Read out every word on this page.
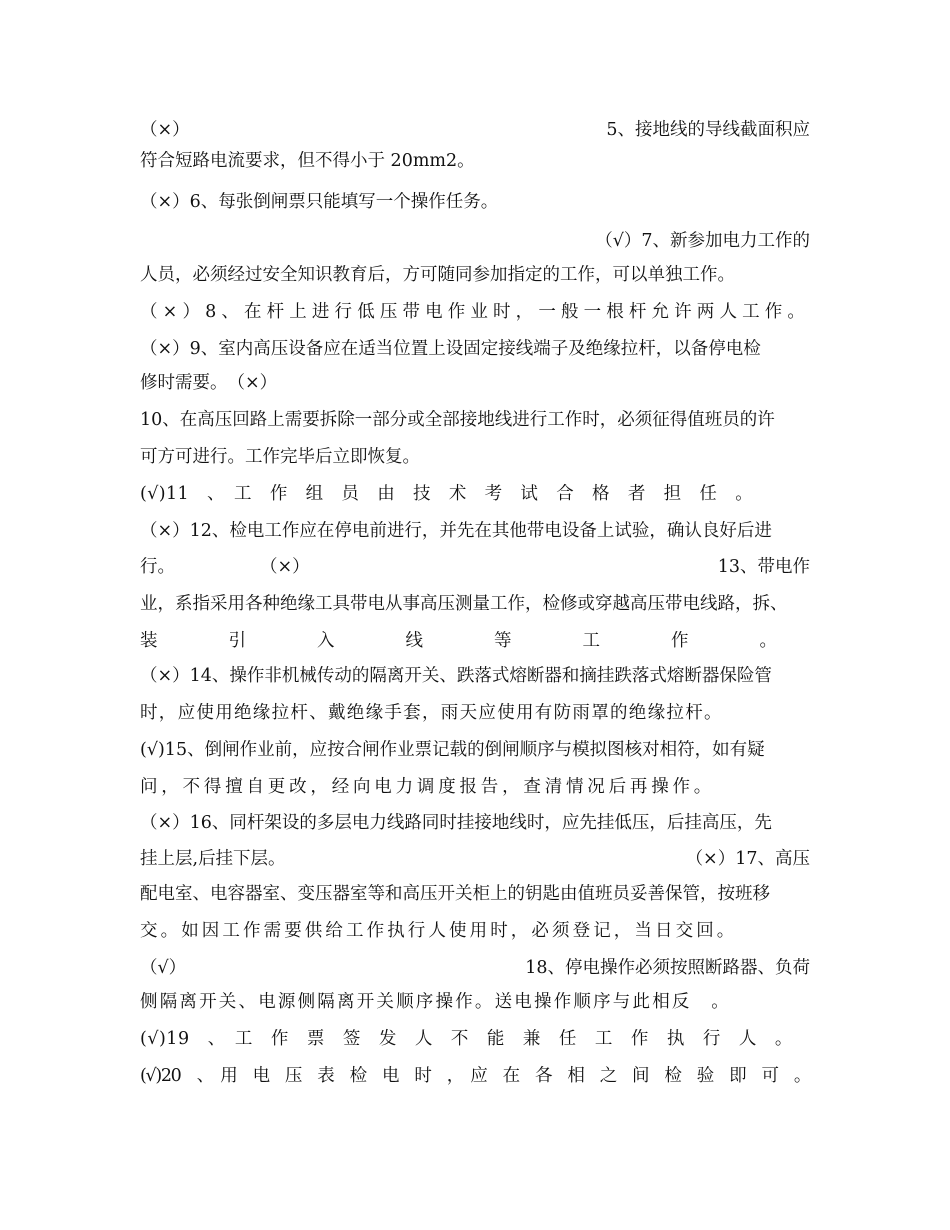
（×）	5、接地线的导线截面积应
符合短路电流要求，但不得小于 20mm2。
（×）6、每张倒闸票只能填写一个操作任务。
（√）7、新参加电力工作的
人员，必须经过安全知识教育后，方可随同参加指定的工作，可以单独工作。
（×）8、在杆上进行低压带电作业时，一般一根杆允许两人工作。
（×）9、室内高压设备应在适当位置上设固定接线端子及绝缘拉杆，以备停电检
修时需要。　（×）
10、在高压回路上需要拆除一部分或全部接地线进行工作时，必须征得值班员的许
可方可进行。工作完毕后立即恢复。
(√)11　、　工　作　组　员　由　技　术　考　试　合　格　者　担　任　。
（×）12、检电工作应在停电前进行，并先在其他带电设备上试验，确认良好后进
行。	（×）	13、带电作
业，系指采用各种绝缘工具带电从事高压测量工作，检修或穿越高压带电线路，拆、
装　　　　引　　　　入　　　　线　　　　等　　　　工　　　　作　　　　。
（×）14、操作非机械传动的隔离开关、跌落式熔断器和摘挂跌落式熔断器保险管
时，应使用绝缘拉杆、戴绝缘手套，雨天应使用有防雨罩的绝缘拉杆。
(√)15、倒闸作业前，应按合闸作业票记载的倒闸顺序与模拟图核对相符，如有疑
问，不得擅自更改，经向电力调度报告，查清情况后再操作。
（×）16、同杆架设的多层电力线路同时挂接地线时，应先挂低压，后挂高压，先
挂上层,后挂下层。	（×）17、高压
配电室、电容器室、变压器室等和高压开关柜上的钥匙由值班员妥善保管，按班移
交。如因工作需要供给工作执行人使用时，必须登记，当日交回。
（√）	18、停电操作必须按照断路器、负荷
侧隔离开关、电源侧隔离开关顺序操作。送电操作顺序与此相反　。
(√)19　、　工　作　票　签　发　人　不　能　兼　任　工　作　执　行　人　。
(√)20　、　用　电　压　表　检　电　时　，　应　在　各　相　之　间　检　验　即　可　。
